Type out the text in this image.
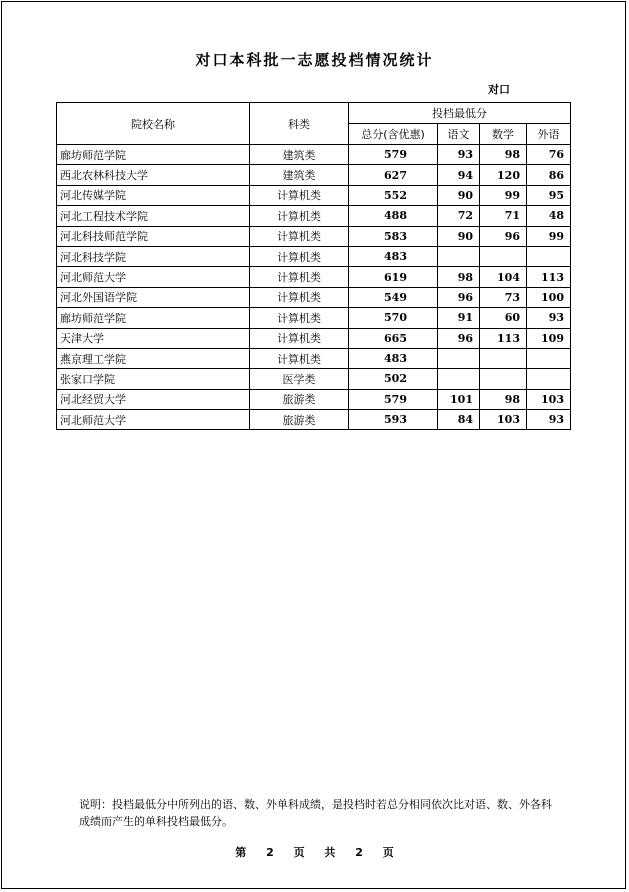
对口本科批一志愿投档情况统计
对口
院校名称	科类	投档最低分			
		总分(含优惠)	语文	数学	外语
廊坊师范学院	建筑类	579	93	98	76
西北农林科技大学	建筑类	627	94	120	86
河北传媒学院	计算机类	552	90	99	95
河北工程技术学院	计算机类	488	72	71	48
河北科技师范学院	计算机类	583	90	96	99
河北科技学院	计算机类	483			
河北师范大学	计算机类	619	98	104	113
河北外国语学院	计算机类	549	96	73	100
廊坊师范学院	计算机类	570	91	60	93
天津大学	计算机类	665	96	113	109
燕京理工学院	计算机类	483			
张家口学院	医学类	502			
河北经贸大学	旅游类	579	101	98	103
河北师范大学	旅游类	593	84	103	93
说明：投档最低分中所列出的语、数、外单科成绩，是投档时若总分相同依次比对语、数、外各科成绩而产生的单科投档最低分。
第 2 页 共 2 页
